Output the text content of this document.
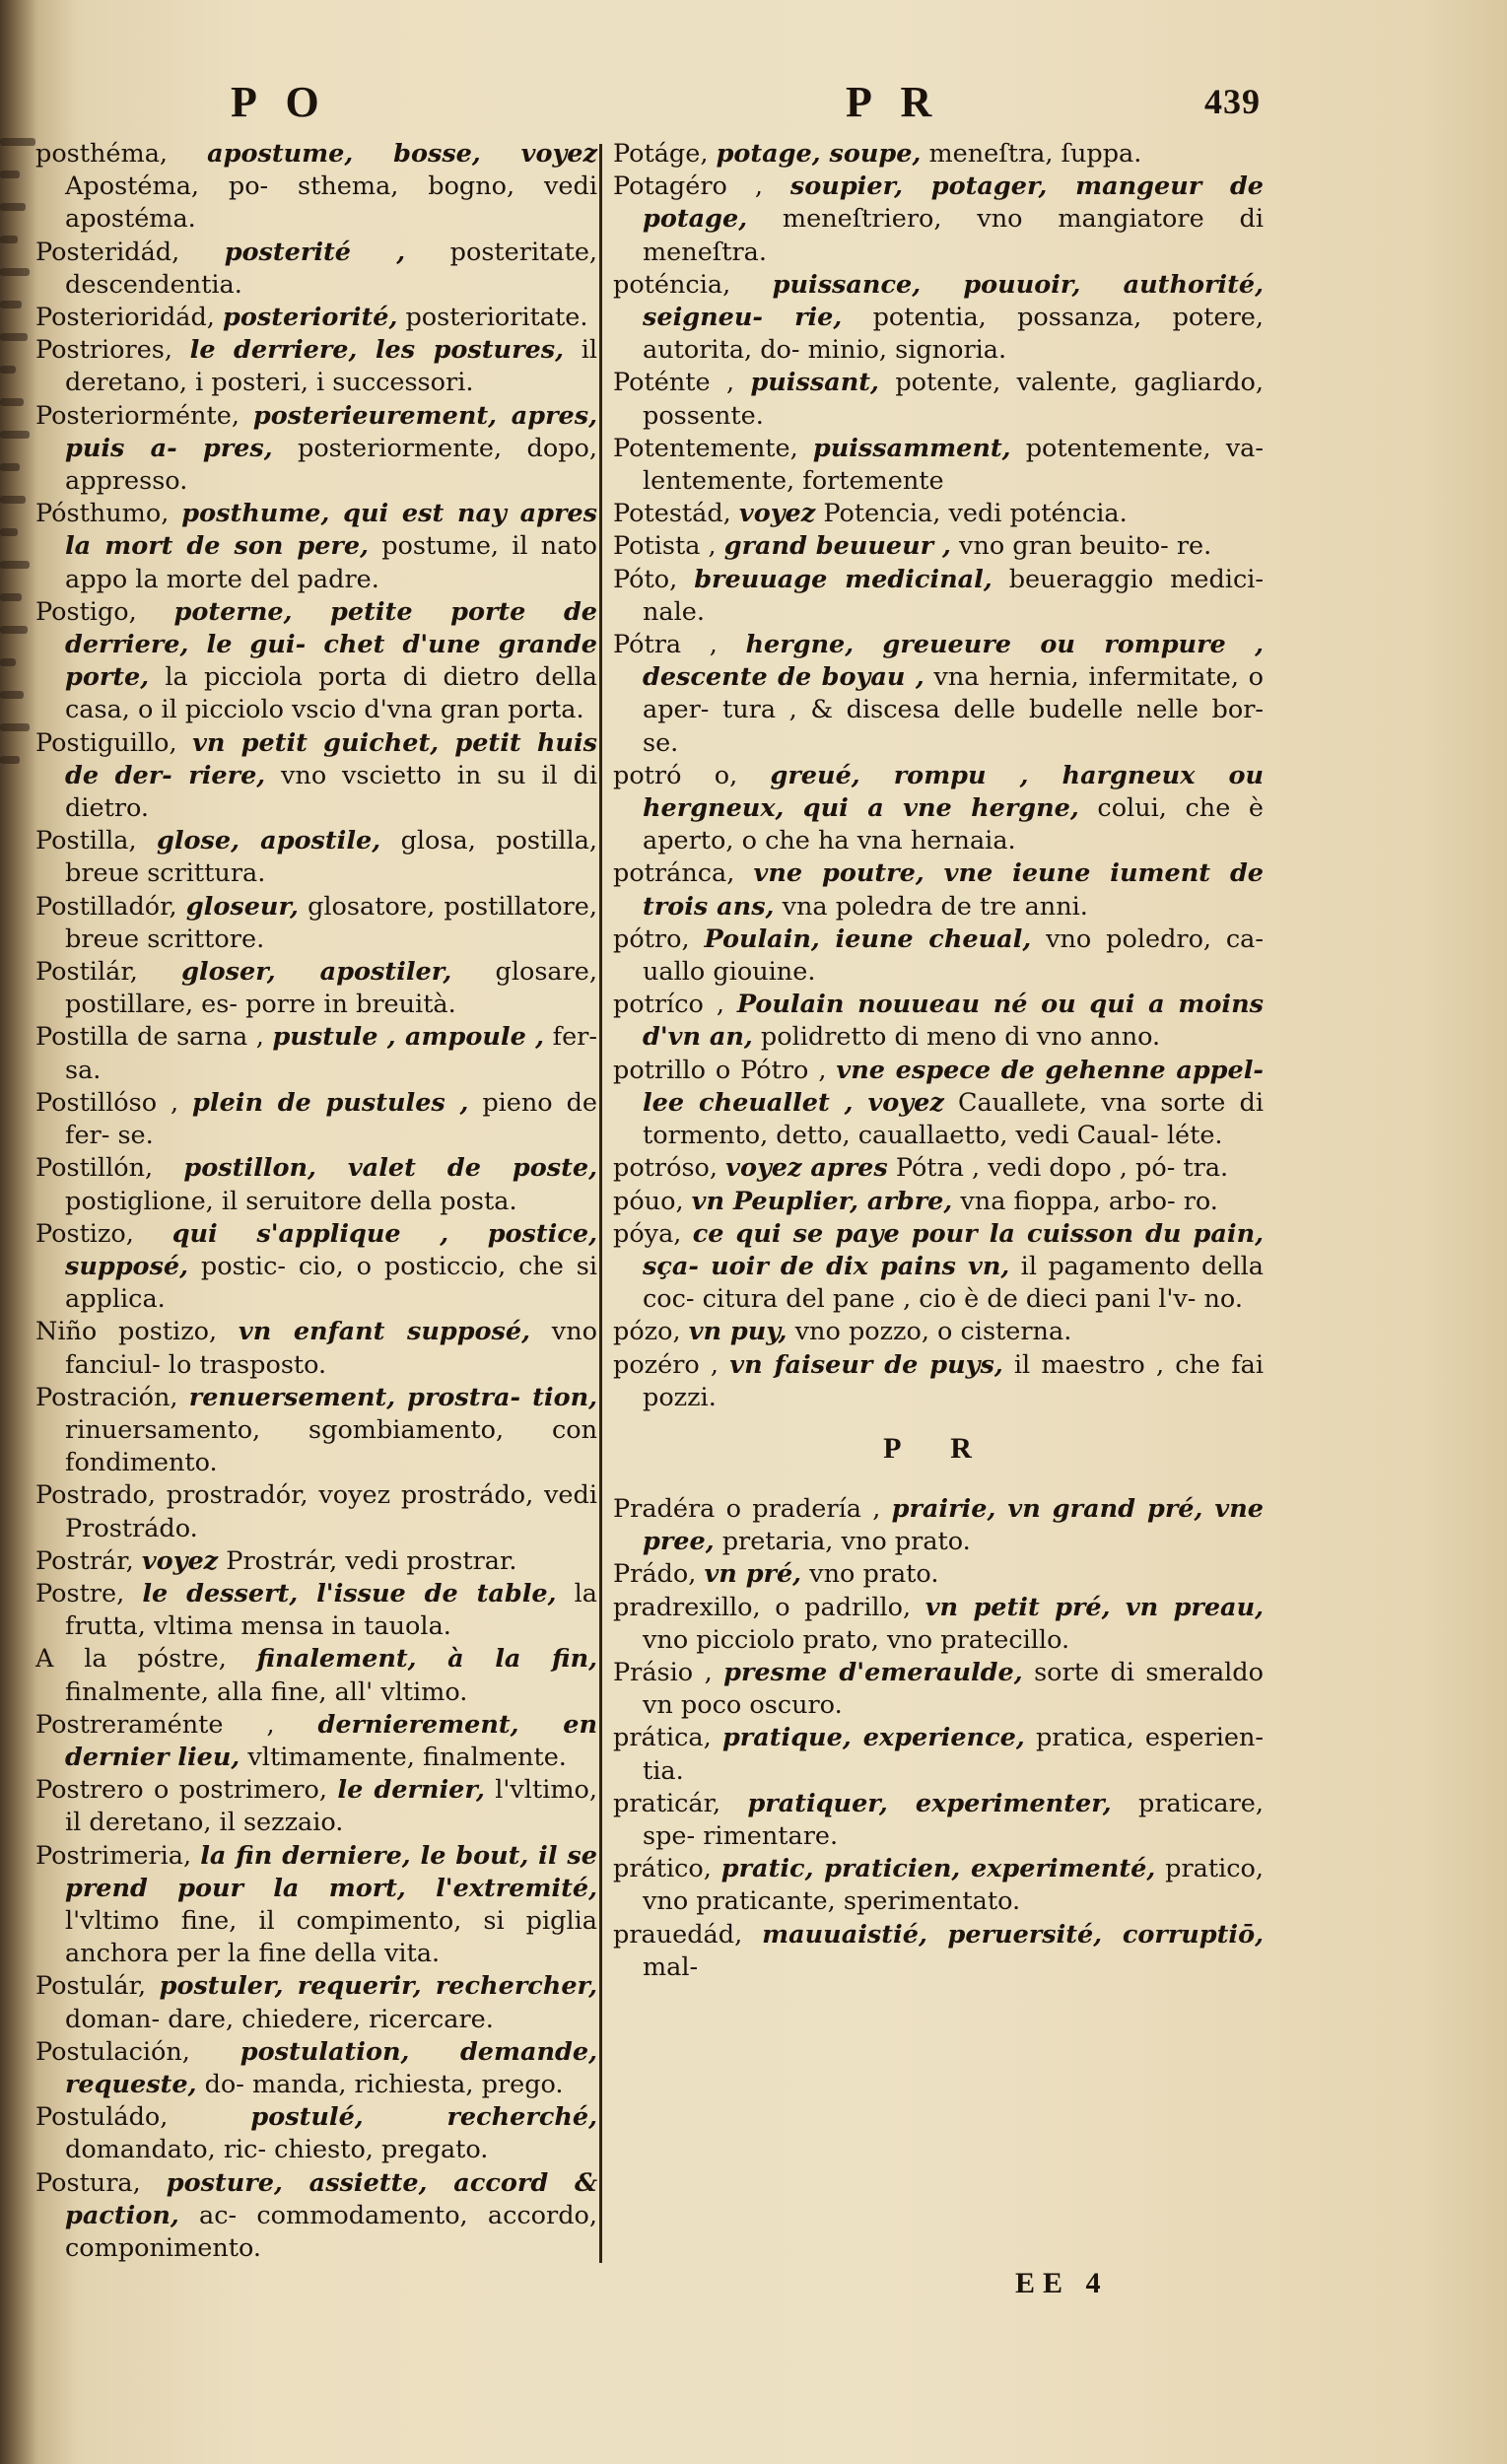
P O	P R	439

posthéma, apostume, bosse, voyez Apostéma, po- sthema, bogno, vedi apostéma.

Posteridád, posterité , posteritate, descendentia.

Posterioridád, posteriorité, posterioritate.

Postriores, le derriere, les postures, il deretano, i posteri, i successori.

Posteriorménte, posterieurement, apres, puis a- pres, posteriormente, dopo, appresso.

Pósthumo, posthume, qui est nay apres la mort de son pere, postume, il nato appo la morte del padre.

Postigo, poterne, petite porte de derriere, le gui- chet d'une grande porte, la picciola porta di dietro della casa, o il picciolo vscio d'vna gran porta.

Postiguillo, vn petit guichet, petit huis de der- riere, vno vscietto in su il di dietro.

Postilla, glose, apostile, glosa, postilla, breue scrittura.

Postilladór, gloseur, glosatore, postillatore, breue scrittore.

Postilár, gloser, apostiler, glosare, postillare, es- porre in breuità.

Postilla de sarna , pustule , ampoule , fer- sa.

Postillóso , plein de pustules , pieno de fer- se.

Postillón, postillon, valet de poste, postiglione, il seruitore della posta.

Postizo, qui s'applique , postice, supposé, postic- cio, o posticcio, che si applica.

Niño postizo, vn enfant supposé, vno fanciul- lo trasposto.

Postración, renuersement, prostra- tion, rinuersamento, sgombiamento, con fondimento.

Postrado, prostradór, voyez prostrádo, vedi Prostrádo.

Postrár, voyez Prostrár, vedi prostrar.

Postre, le dessert, l'issue de table, la frutta, vltima mensa in tauola.

A la póstre, finalement, à la fin, finalmente, alla fine, all' vltimo.

Postreraménte , dernierement, en dernier lieu, vltimamente, finalmente.

Postrero o postrimero, le dernier, l'vltimo, il deretano, il sezzaio.

Postrimeria, la fin derniere, le bout, il se prend pour la mort, l'extremité, l'vltimo fine, il compimento, si piglia anchora per la fine della vita.

Postulár, postuler, requerir, rechercher, doman- dare, chiedere, ricercare.

Postulación, postulation, demande, requeste, do- manda, richiesta, prego.

Postuládo,	postulé, recherché, domandato, ric- chiesto, pregato.

Postura, posture, assiette, accord & paction, ac- commodamento, accordo, componimento.

Potáge, potage, soupe, meneſtra, ſuppa.

Potagéro , soupier, potager, mangeur de potage, meneſtriero, vno mangiatore di meneſtra.

poténcia, puissance, pouuoir, authorité, seigneu- rie, potentia, possanza, potere, autorita, do- minio, signoria.

Poténte , puissant, potente, valente, gagliardo, possente.

Potentemente, puissamment, potentemente, va- lentemente, fortemente

Potestád, voyez Potencia, vedi poténcia.

Potista , grand beuueur , vno gran beuito- re.

Póto, breuuage medicinal, beueraggio medici- nale.

Pótra , hergne, greueure ou rompure , descente de boyau , vna hernia, infermitate, o aper- tura , & discesa delle budelle nelle bor- se.

potró o, greué, rompu , hargneux ou hergneux, qui a vne hergne, colui, che è aperto, o che ha vna hernaia.

potránca, vne poutre, vne ieune iument de trois ans, vna poledra de tre anni.

pótro, Poulain, ieune cheual, vno poledro, ca- uallo giouine.

potríco , Poulain nouueau né ou qui a moins d'vn an, polidretto di meno di vno anno.

potrillo o Pótro , vne espece de gehenne appel- lee cheuallet , voyez Cauallete, vna sorte di tormento, detto, cauallaetto, vedi Caual- léte.

potróso, voyez apres Pótra , vedi dopo , pó- tra.

póuo, vn Peuplier, arbre, vna fioppa, arbo- ro.

póya, ce qui se paye pour la cuisson du pain, sça- uoir de dix pains vn, il pagamento della coc- citura del pane , cio è de dieci pani l'v- no.

pózo, vn puy, vno pozzo, o cisterna.

pozéro , vn faiseur de puys, il maestro , che fai pozzi.

P R

Pradéra o pradería , prairie, vn grand pré, vne pree, pretaria, vno prato.

Prádo, vn pré, vno prato.

pradrexillo, o padrillo, vn petit pré, vn preau, vno picciolo prato, vno pratecillo.

Prásio , presme d'emeraulde, sorte di smeraldo vn poco oscuro.

prática, pratique, experience, pratica, esperien- tia.

praticár, pratiquer, experimenter, praticare, spe- rimentare.

prático, pratic, praticien, experimenté, pratico, vno praticante, sperimentato.

prauedád, mauuaistié, peruersité, corruptiō, mal-

EE 4
